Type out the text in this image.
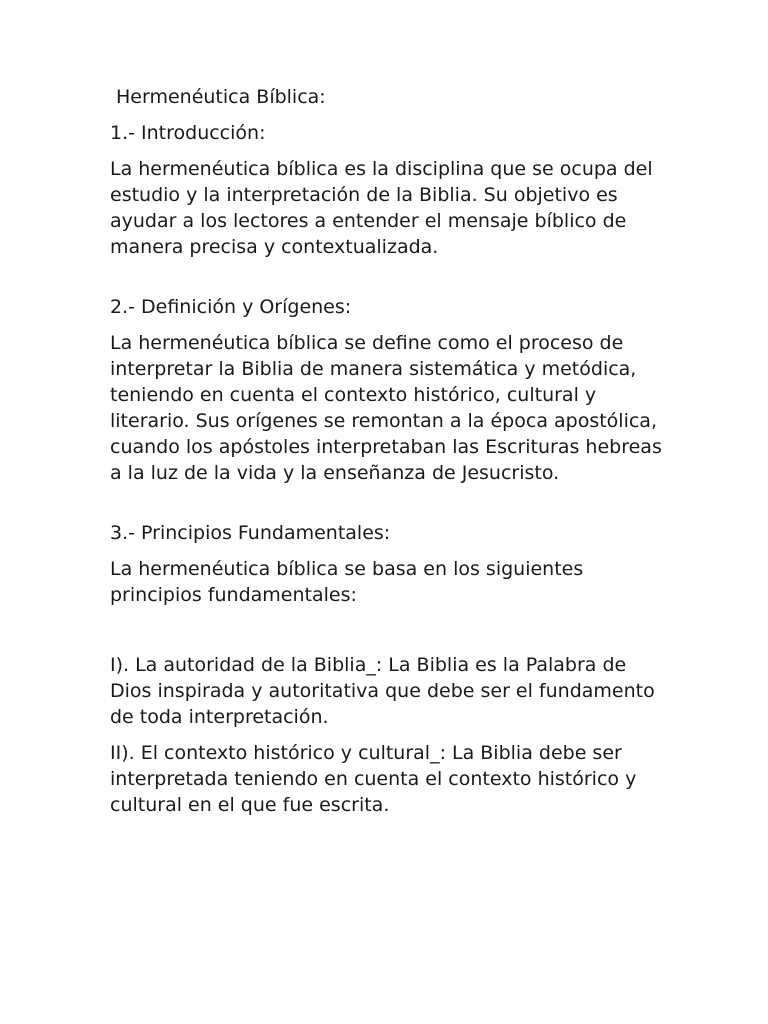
Hermenéutica Bíblica:

1.- Introducción:

La hermenéutica bíblica es la disciplina que se ocupa del estudio y la interpretación de la Biblia. Su objetivo es ayudar a los lectores a entender el mensaje bíblico de manera precisa y contextualizada.

2.- Definición y Orígenes:

La hermenéutica bíblica se define como el proceso de interpretar la Biblia de manera sistemática y metódica, teniendo en cuenta el contexto histórico, cultural y literario. Sus orígenes se remontan a la época apostólica, cuando los apóstoles interpretaban las Escrituras hebreas a la luz de la vida y la enseñanza de Jesucristo.

3.- Principios Fundamentales:

La hermenéutica bíblica se basa en los siguientes principios fundamentales:

I). La autoridad de la Biblia_: La Biblia es la Palabra de Dios inspirada y autoritativa que debe ser el fundamento de toda interpretación.

II). El contexto histórico y cultural_: La Biblia debe ser interpretada teniendo en cuenta el contexto histórico y cultural en el que fue escrita.
